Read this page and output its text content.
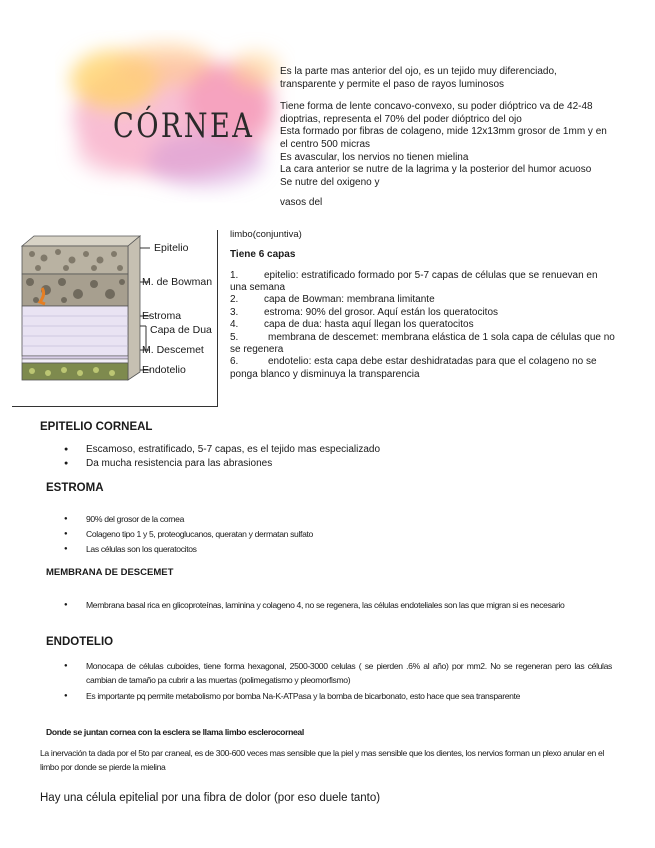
CÓRNEA

Es la parte mas anterior del ojo, es un tejido muy diferenciado, transparente y permite el paso de rayos luminosos

Tiene forma de lente concavo-convexo, su poder dióptrico va de 42-48 dioptrias, representa el 70% del poder dióptrico del ojo

Esta formado por fibras de colageno, mide 12x13mm grosor de 1mm y en el centro 500 micras

Es avascular, los nervios no tienen mielina

La cara anterior se nutre de la lagrima y la posterior del humor acuoso

Se nutre del oxigeno y

vasos del

Epitelio
M. de Bowman
Estroma
Capa de Dua
M. Descemet
Endotelio
limbo(conjuntiva)
Tiene 6 capas
1.	epitelio: estratificado formado por 5-7 capas de células que se renuevan en una semana
2.	capa de Bowman: membrana limitante
3.	estroma: 90% del grosor. Aquí están los queratocitos
4.	capa de dua: hasta aquí llegan los queratocitos
5.	membrana de descemet: membrana elástica de 1 sola capa de células que no se regenera
6.	endotelio: esta capa debe estar deshidratadas para que el colageno no se ponga blanco y disminuya la transparencia
EPITELIO CORNEAL
● Escamoso, estratificado, 5-7 capas, es el tejido mas especializado
● Da mucha resistencia para las abrasiones
ESTROMA
● 90% del grosor de la cornea
● Colageno tipo 1 y 5, proteoglucanos, queratan y dermatan sulfato
● Las células son los queratocitos
MEMBRANA DE DESCEMET
● Membrana basal rica en glicoproteínas, laminina y colageno 4, no se regenera, las células endoteliales son las que migran si es necesario
ENDOTELIO
● Monocapa de células cuboides, tiene forma hexagonal, 2500-3000 celulas ( se pierden .6% al año) por mm2. No se regeneran pero las células cambian de tamaño pa cubrir a las muertas (polimegatismo y pleomorfismo)
● Es importante pq permite metabolismo por bomba Na-K-ATPasa y la bomba de bicarbonato, esto hace que sea transparente
Donde se juntan cornea con la esclera se llama limbo esclerocorneal
La inervación ta dada por el 5to par craneal, es de 300-600 veces mas sensible que la piel y mas sensible que los dientes, los nervios forman un plexo anular en el limbo por donde se pierde la mielina
Hay una célula epitelial por una fibra de dolor (por eso duele tanto)
